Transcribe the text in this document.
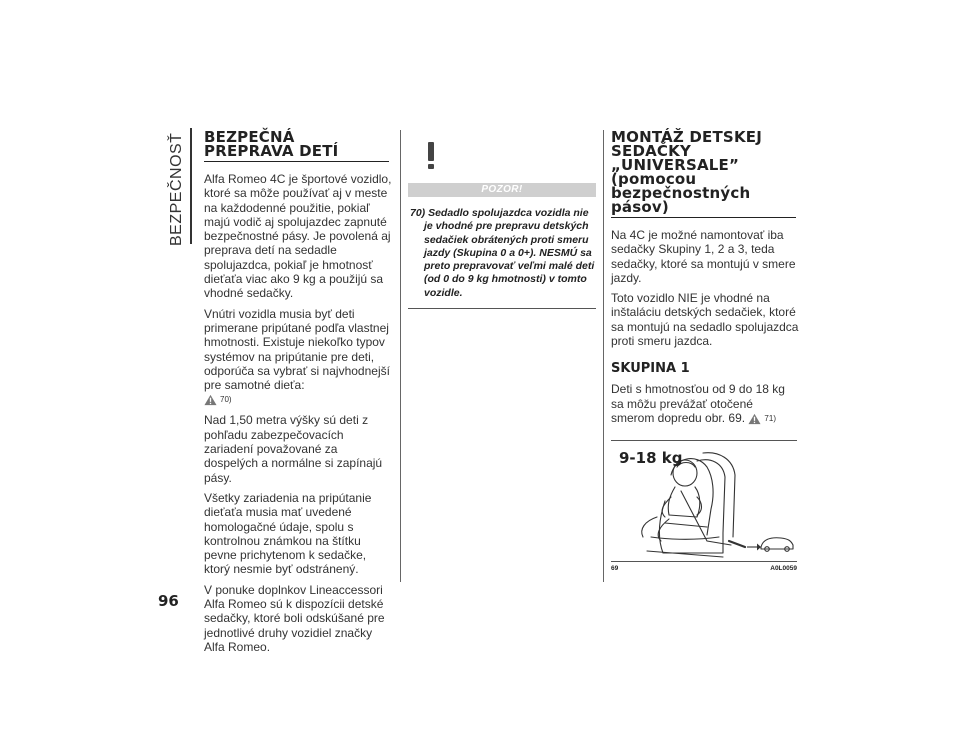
BEZPEČNOSŤ
96
BEZPEČNÁ PREPRAVA DETÍ

Alfa Romeo 4C je športové vozidlo, ktoré sa môže používať aj v meste na každodenné použitie, pokiaľ majú vodič aj spolujazdec zapnuté bezpečnostné pásy. Je povolená aj preprava detí na sedadle spolujazdca, pokiaľ je hmotnosť dieťaťa viac ako 9 kg a použijú sa vhodné sedačky.

Vnútri vozidla musia byť deti primerane pripútané podľa vlastnej hmotnosti. Existuje niekoľko typov systémov na pripútanie pre deti, odporúča sa vybrať si najvhodnejší pre samotné dieťa:

70)

Nad 1,50 metra výšky sú deti z pohľadu zabezpečovacích zariadení považované za dospelých a normálne si zapínajú pásy.

Všetky zariadenia na pripútanie dieťaťa musia mať uvedené homologačné údaje, spolu s kontrolnou známkou na štítku pevne prichytenom k sedačke, ktorý nesmie byť odstránený.

V ponuke doplnkov Lineaccessori Alfa Romeo sú k dispozícii detské sedačky, ktoré boli odskúšané pre jednotlivé druhy vozidiel značky Alfa Romeo.

POZOR!

70) Sedadlo spolujazdca vozidla nie je vhodné pre prepravu detských sedačiek obrátených proti smeru jazdy (Skupina 0 a 0+). NESMÚ sa preto prepravovať veľmi malé deti (od 0 do 9 kg hmotnosti) v tomto vozidle.

MONTÁŽ DETSKEJ SEDAČKY „UNIVERSALE” (pomocou bezpečnostných pásov)

Na 4C je možné namontovať iba sedačky Skupiny 1, 2 a 3, teda sedačky, ktoré sa montujú v smere jazdy.

Toto vozidlo NIE je vhodné na inštaláciu detských sedačiek, ktoré sa montujú na sedadlo spolujazdca proti smeru jazdca.

SKUPINA 1

Deti s hmotnosťou od 9 do 18 kg sa môžu prevážať otočené smerom dopredu obr. 69. 71)

9-18 kg
69	A0L0059
